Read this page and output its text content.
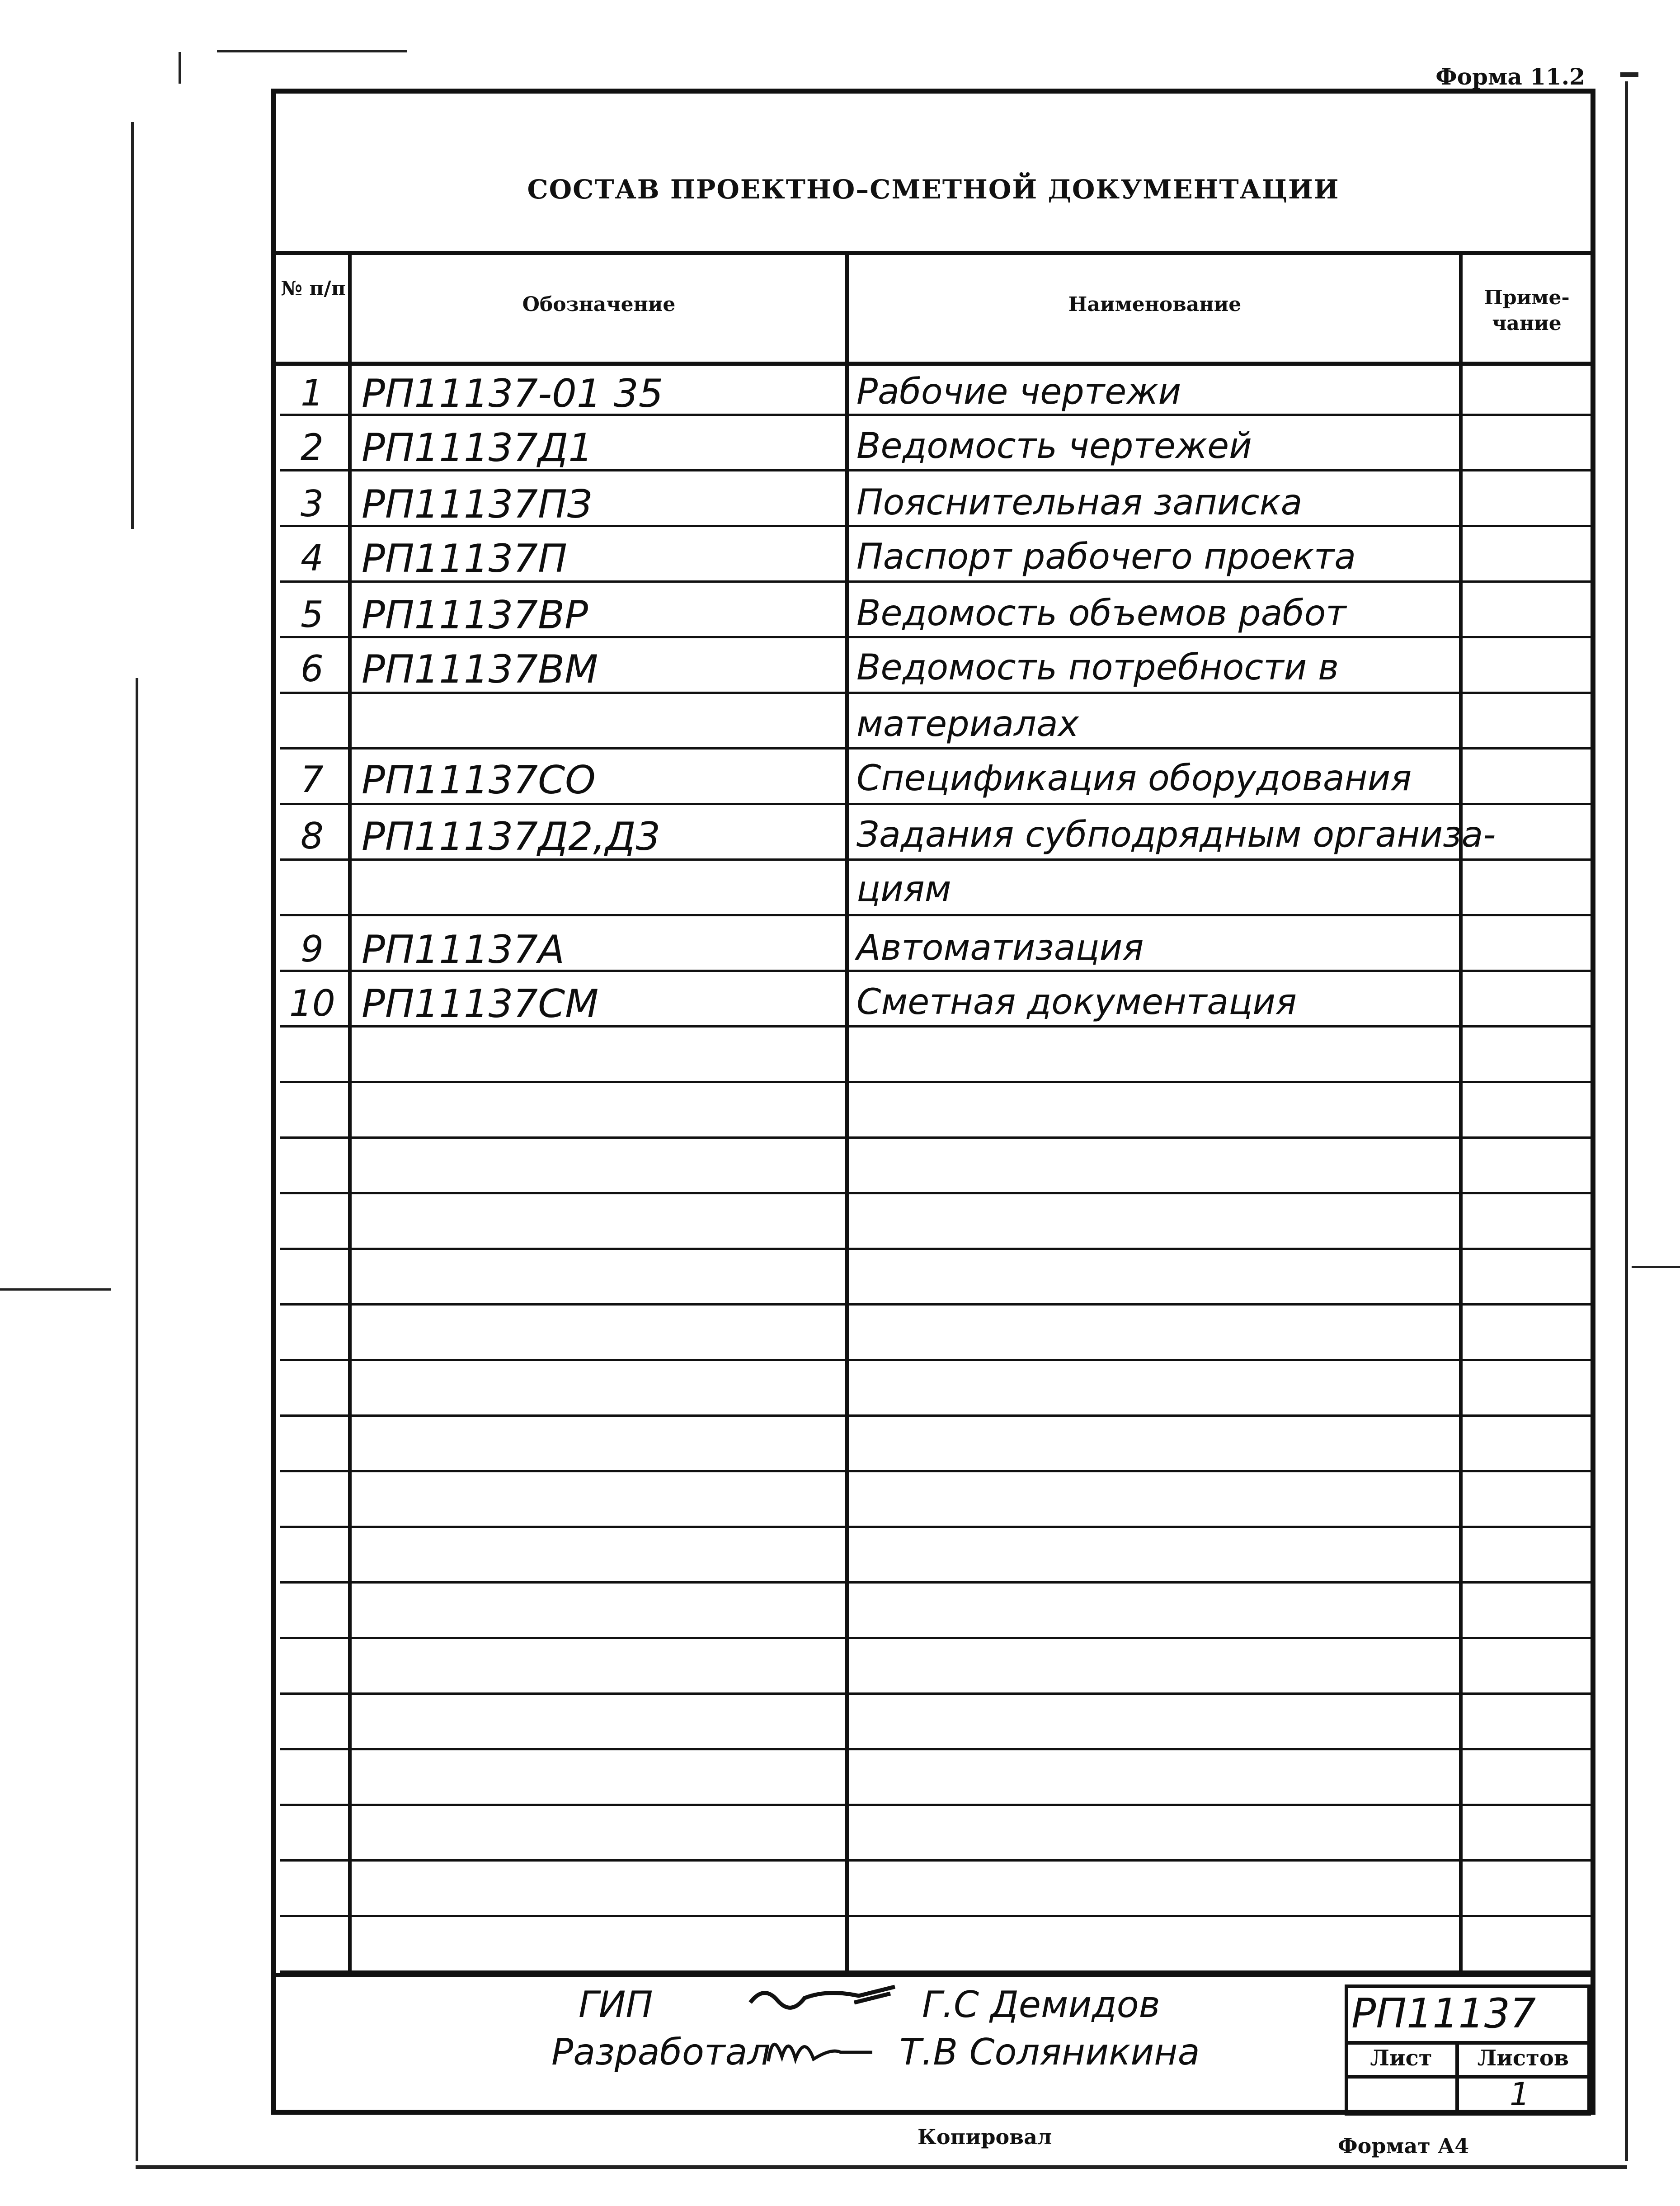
Форма 11.2
СОСТАВ ПРОЕКТНО–СМЕТНОЙ ДОКУМЕНТАЦИИ
№ п/п
Обозначение	Наименование	Приме-чание
1 РП11137-01 35	Рабочие чертежи
2 РП11137Д1	Ведомость чертежей
3 РП11137ПЗ	Пояснительная записка
4 РП11137П	Паспорт рабочего проекта
5 РП11137ВР	Ведомость объемов работ
6 РП11137ВМ	Ведомость потребности в
материалах
7 РП11137СО	Спецификация оборудования
8 РП11137Д2,Д3	Задания субподрядным организа-
циям
9 РП11137А	Автоматизация
10 РП11137СМ	Сметная документация
ГИП	Г.С Демидов
Разработал	Т.В Соляникина
РП11137
Лист	Листов
1
Копировал	Формат А4
